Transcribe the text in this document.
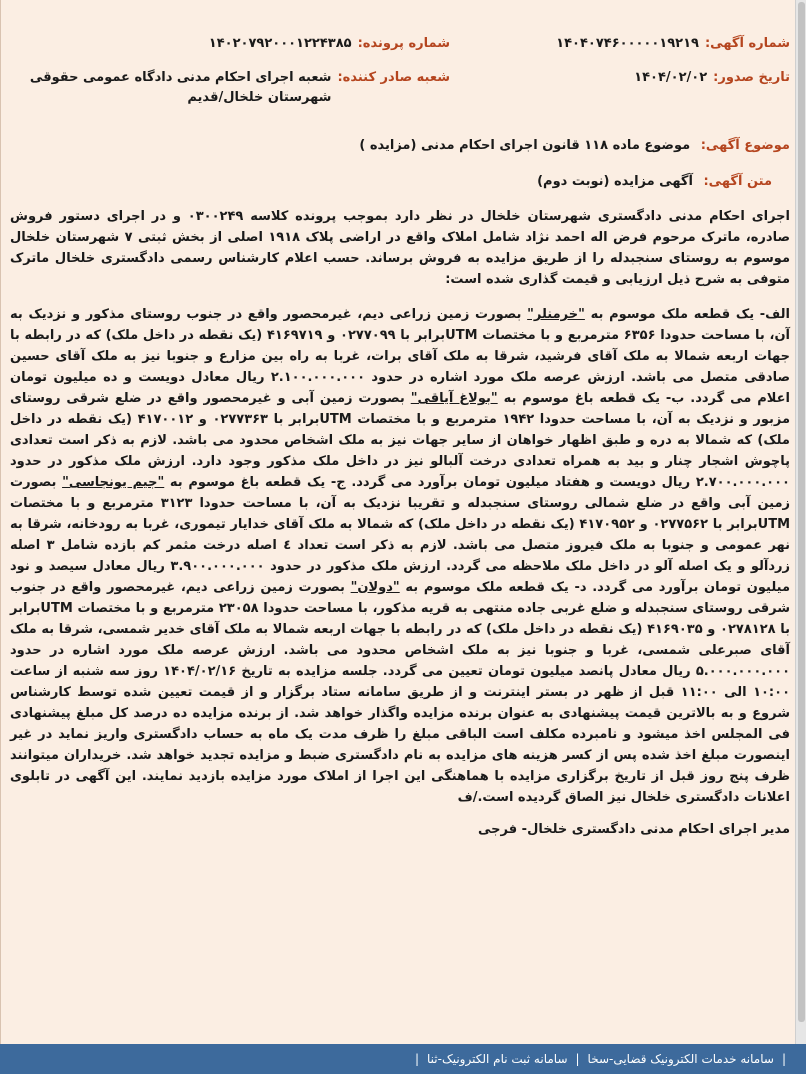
شماره آگهی:
۱۴۰۴۰۷۴۶۰۰۰۰۰۱۹۲۱۹
شماره پرونده:
۱۴۰۲۰۷۹۲۰۰۰۱۲۲۴۳۸۵
تاریخ صدور:
۱۴۰۴/۰۲/۰۲
شعبه صادر کننده:
شعبه اجرای احکام مدنی دادگاه عمومی حقوقی شهرستان خلخال/قدیم
موضوع آگهی: موضوع ماده ۱۱۸ قانون اجرای احکام مدنی (مزایده )
متن آگهی: آگهی مزایده (نوبت دوم)
اجرای احکام مدنی دادگستری شهرستان خلخال در نظر دارد بموجب پرونده کلاسه ۰۳۰۰۲۴۹ و در اجرای دستور فروش صادره، ماترک مرحوم فرض اله احمد نژاد شامل املاک واقع در اراضی پلاک ۱۹۱۸ اصلی از بخش ثبتی ۷ شهرستان خلخال موسوم به روستای سنجبدله را از طریق مزایده به فروش برساند. حسب اعلام کارشناس رسمی دادگستری خلخال ماترک متوفی به شرح ذیل ارزیابی و قیمت گذاری شده است:
الف- یک قطعه ملک موسوم به "خرمنلر" بصورت زمین زراعی دیم، غیرمحصور واقع در جنوب روستای مذکور و نزدیک به آن، با مساحت حدودا ۶۳۵۶ مترمربع و با مختصات UTMبرابر با ۰۲۷۷۰۹۹ و ۴۱۶۹۷۱۹ (یک نقطه در داخل ملک) که در رابطه با جهات اربعه شمالا به ملک آقای فرشید، شرقا به ملک آقای برات، غربا به راه بین مزارع و جنوبا نیز به ملک آقای حسین صادقی متصل می باشد. ارزش عرصه ملک مورد اشاره در حدود ۲.۱۰۰.۰۰۰.۰۰۰ ریال معادل دویست و ده میلیون تومان اعلام می گردد. ب- یک قطعه باغ موسوم به "بولاغ آیاقی" بصورت زمین آبی و غیرمحصور واقع در ضلع شرقی روستای مزبور و نزدیک به آن، با مساحت حدودا ۱۹۴۲ مترمربع و با مختصات UTMبرابر با ۰۲۷۷۳۶۳ و ۴۱۷۰۰۱۲ (یک نقطه در داخل ملک) که شمالا به دره و طبق اظهار خواهان از سایر جهات نیز به ملک اشخاص محدود می باشد. لازم به ذکر است تعدادی پاچوش اشجار چنار و بید به همراه تعدادی درخت آلبالو نیز در داخل ملک مذکور وجود دارد. ارزش ملک مذکور در حدود ۲.۷۰۰.۰۰۰.۰۰۰ ریال دویست و هفتاد میلیون تومان برآورد می گردد. ج- یک قطعه باغ موسوم به "جیم یونجاسی" بصورت زمین آبی واقع در ضلع شمالی روستای سنجبدله و تقریبا نزدیک به آن، با مساحت حدودا ۳۱۲۳ مترمربع و با مختصات UTMبرابر با ۰۲۷۷۵۶۲ و ۴۱۷۰۹۵۲ (یک نقطه در داخل ملک) که شمالا به ملک آقای خدایار تیموری، غربا به رودخانه، شرقا به نهر عمومی و جنوبا به ملک فیروز متصل می باشد. لازم به ذکر است تعداد ٤ اصله درخت مثمر کم بازده شامل ۳ اصله زردآلو و یک اصله آلو در داخل ملک ملاحظه می گردد. ارزش ملک مذکور در حدود ۳.۹۰۰.۰۰۰.۰۰۰ ریال معادل سیصد و نود میلیون تومان برآورد می گردد. د- یک قطعه ملک موسوم به "دولان" بصورت زمین زراعی دیم، غیرمحصور واقع در جنوب شرقی روستای سنجبدله و ضلع غربی جاده منتهی به قریه مذکور، با مساحت حدودا ۲۳۰۵۸ مترمربع و با مختصات UTMبرابر با ۰۲۷۸۱۲۸ و ۴۱۶۹۰۳۵ (یک نقطه در داخل ملک) که در رابطه با جهات اربعه شمالا به ملک آقای خدیر شمسی، شرقا به ملک آقای صبرعلی شمسی، غربا و جنوبا نیز به ملک اشخاص محدود می باشد. ارزش عرصه ملک مورد اشاره در حدود ۵.۰۰۰.۰۰۰.۰۰۰ ریال معادل پانصد میلیون تومان تعیین می گردد. جلسه مزایده به تاریخ ۱۴۰۴/۰۲/۱۶ روز سه شنبه از ساعت ۱۰:۰۰ الی ۱۱:۰۰ قبل از ظهر در بستر اینترنت و از طریق سامانه ستاد برگزار و از قیمت تعیین شده توسط کارشناس شروع و به بالاترین قیمت پیشنهادی به عنوان برنده مزایده واگذار خواهد شد. از برنده مزایده ده درصد کل مبلغ پیشنهادی فی المجلس اخذ میشود و نامبرده مکلف است الباقی مبلغ را ظرف مدت یک ماه به حساب دادگستری واریز نماید در غیر اینصورت مبلغ اخذ شده پس از کسر هزینه های مزایده به نام دادگستری ضبط و مزایده تجدید خواهد شد. خریداران میتوانند ظرف پنج روز قبل از تاریخ برگزاری مزایده با هماهنگی این اجرا از املاک مورد مزایده بازدید نمایند. این آگهی در تابلوی اعلانات دادگستری خلخال نیز الصاق گردیده است./ف
مدیر اجرای احکام مدنی دادگستری خلخال- فرجی
|
سامانه خدمات الکترونیک قضایی-سخا
|
سامانه ثبت نام الکترونیک-ثنا
|
